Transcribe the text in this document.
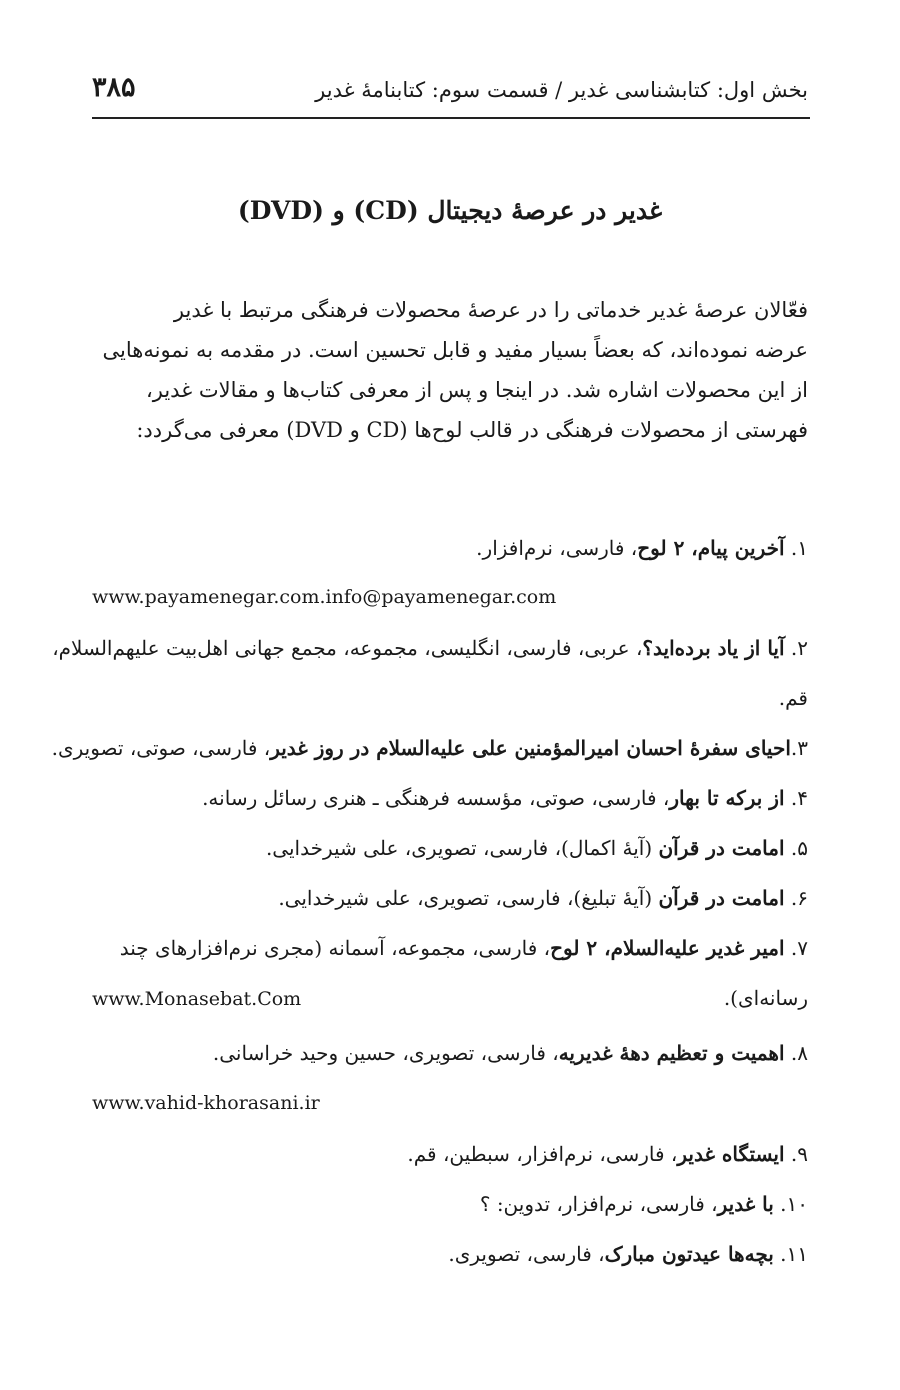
بخش اول: کتابشناسی غدیر / قسمت سوم: کتابنامۀ غدیر
۳۸۵
غدیر در عرصۀ دیجیتال (CD) و (DVD)
فعّالان عرصۀ غدیر خدماتی را در عرصۀ محصولات فرهنگی مرتبط با غدیر
عرضه نموده‌اند، که بعضاً بسیار مفید و قابل تحسین است. در مقدمه به نمونه‌هایی
از این محصولات اشاره شد. در اینجا و پس از معرفی کتاب‌ها و مقالات غدیر،
فهرستی از محصولات فرهنگی در قالب لوح‌ها (CD و DVD) معرفی می‌گردد:
۱. آخرین پیام، ۲ لوح، فارسی، نرم‌افزار.
www.payamenegar.com.info@payamenegar.com
۲. آیا از یاد برده‌اید؟، عربی، فارسی، انگلیسی، مجموعه، مجمع جهانی اهل‌بیت علیهم‌السلام،
قم.
۳.احیای سفرۀ احسان امیرالمؤمنین علی علیه‌السلام در روز غدیر، فارسی، صوتی، تصویری.
۴. از برکه تا بهار، فارسی، صوتی، مؤسسه فرهنگی ـ هنری رسائل رسانه.
۵. امامت در قرآن (آیۀ اکمال)، فارسی، تصویری، علی شیرخدایی.
۶. امامت در قرآن (آیۀ تبلیغ)، فارسی، تصویری، علی شیرخدایی.
۷. امیر غدیر علیه‌السلام، ۲ لوح، فارسی، مجموعه، آسمانه (مجری نرم‌افزارهای چند
رسانه‌ای).
www.Monasebat.Com
۸. اهمیت و تعظیم دهۀ غدیریه، فارسی، تصویری، حسین وحید خراسانی.
www.vahid-khorasani.ir
۹. ایستگاه غدیر، فارسی، نرم‌افزار، سبطین، قم.
۱۰. با غدیر، فارسی، نرم‌افزار، تدوین: ؟
۱۱. بچه‌ها عیدتون مبارک، فارسی، تصویری.
